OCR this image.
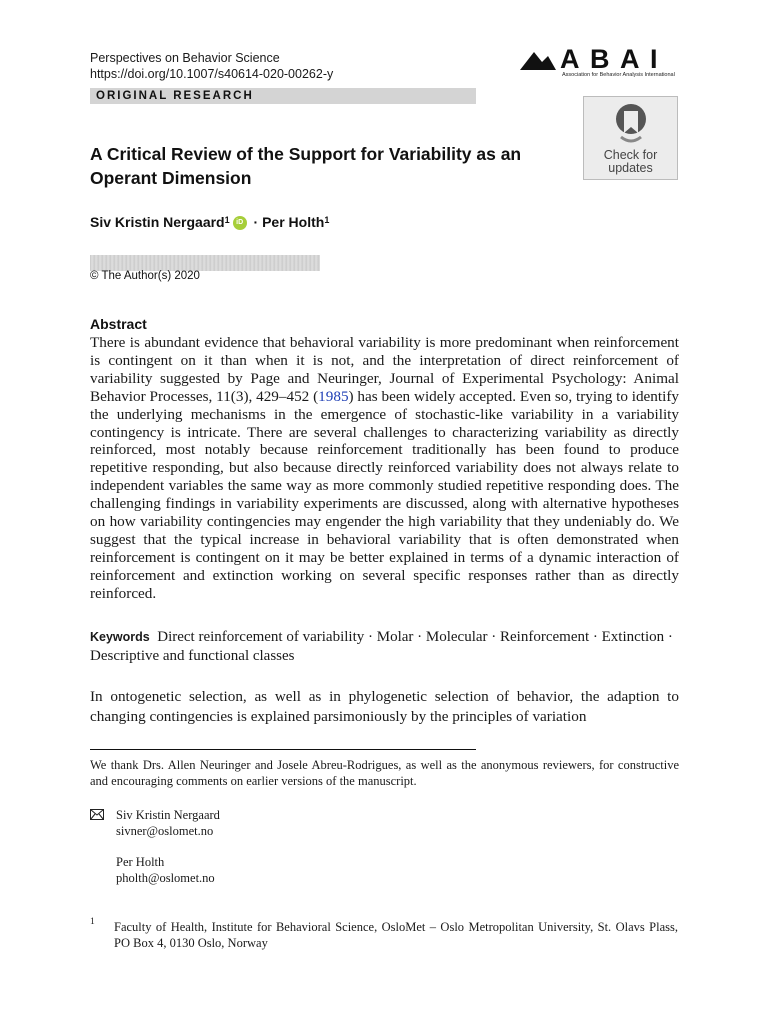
Perspectives on Behavior Science
https://doi.org/10.1007/s40614-020-00262-y	A B A I
Association for Behavior Analysis International
ORIGINAL RESEARCH
Check for
updates
A Critical Review of the Support for Variability as an Operant Dimension
Siv Kristin Nergaard$^1$ iD · Per Holth$^1$
© The Author(s) 2020
Abstract
There is abundant evidence that behavioral variability is more predominant when reinforcement is contingent on it than when it is not, and the interpretation of direct reinforcement of variability suggested by Page and Neuringer, Journal of Experimental Psychology: Animal Behavior Processes, 11(3), 429–452 (1985) has been widely accepted. Even so, trying to identify the underlying mechanisms in the emergence of stochastic-like variability in a variability contingency is intricate. There are several challenges to characterizing variability as directly reinforced, most notably because reinforcement traditionally has been found to produce repetitive responding, but also because directly reinforced variability does not always relate to independent variables the same way as more commonly studied repetitive responding does. The challenging findings in variability experiments are discussed, along with alternative hypotheses on how variability contingencies may engender the high variability that they undeniably do. We suggest that the typical increase in behavioral variability that is often demonstrated when reinforcement is contingent on it may be better explained in terms of a dynamic interaction of reinforcement and extinction working on several specific responses rather than as directly reinforced.
Keywords Direct reinforcement of variability · Molar · Molecular · Reinforcement · Extinction · Descriptive and functional classes
In ontogenetic selection, as well as in phylogenetic selection of behavior, the adaption to changing contingencies is explained parsimoniously by the principles of variation
We thank Drs. Allen Neuringer and Josele Abreu-Rodrigues, as well as the anonymous reviewers, for constructive and encouraging comments on earlier versions of the manuscript.
Siv Kristin Nergaard
sivner@oslomet.no
Per Holth
pholth@oslomet.no
1 Faculty of Health, Institute for Behavioral Science, OsloMet – Oslo Metropolitan University, St. Olavs Plass, PO Box 4, 0130 Oslo, Norway
